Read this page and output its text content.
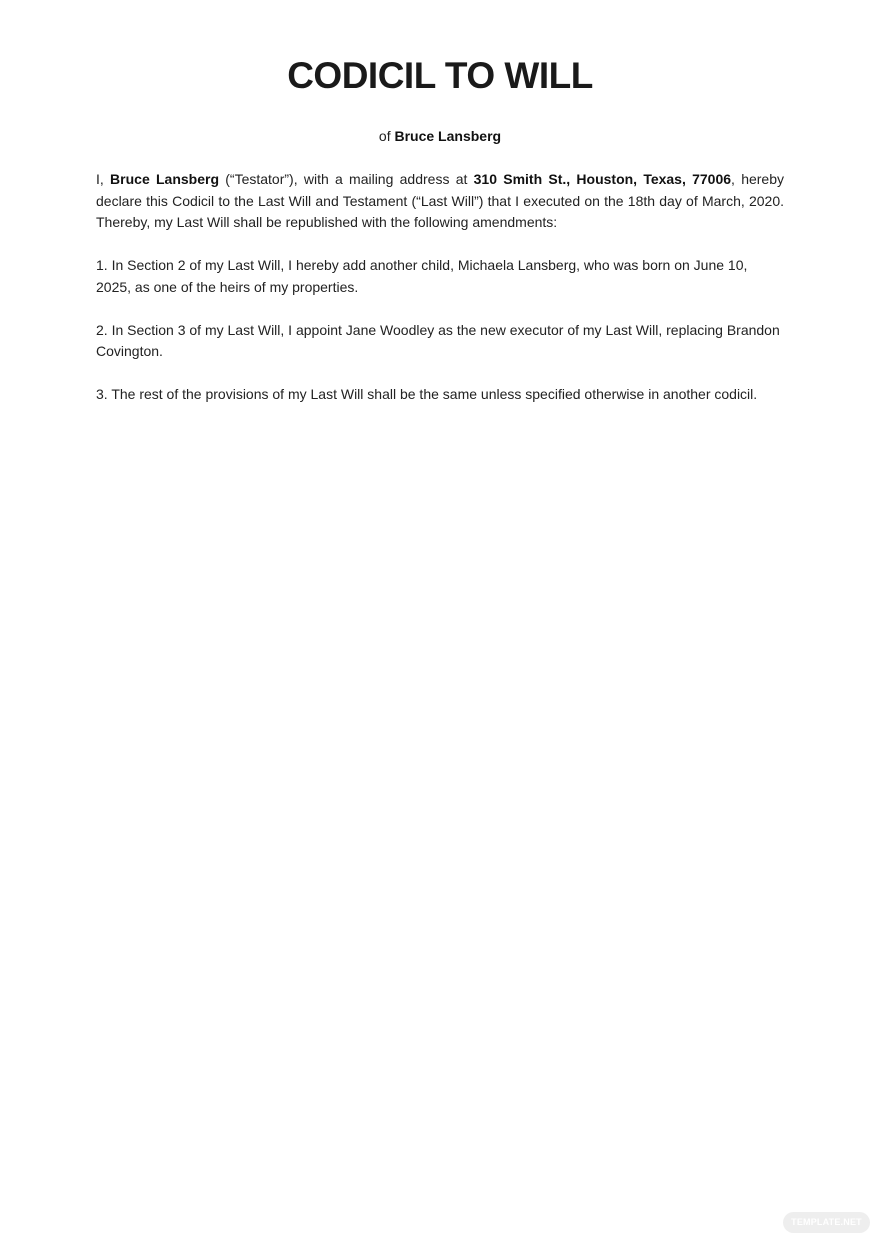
CODICIL TO WILL

of Bruce Lansberg

I, Bruce Lansberg (“Testator”), with a mailing address at 310 Smith St., Houston, Texas, 77006, hereby declare this Codicil to the Last Will and Testament (“Last Will”) that I executed on the 18th day of March, 2020. Thereby, my Last Will shall be republished with the following amendments:

1. In Section 2 of my Last Will, I hereby add another child, Michaela Lansberg, who was born on June 10, 2025, as one of the heirs of my properties.

2. In Section 3 of my Last Will, I appoint Jane Woodley as the new executor of my Last Will, replacing Brandon Covington.

3. The rest of the provisions of my Last Will shall be the same unless specified otherwise in another codicil.

TEMPLATE.NET
